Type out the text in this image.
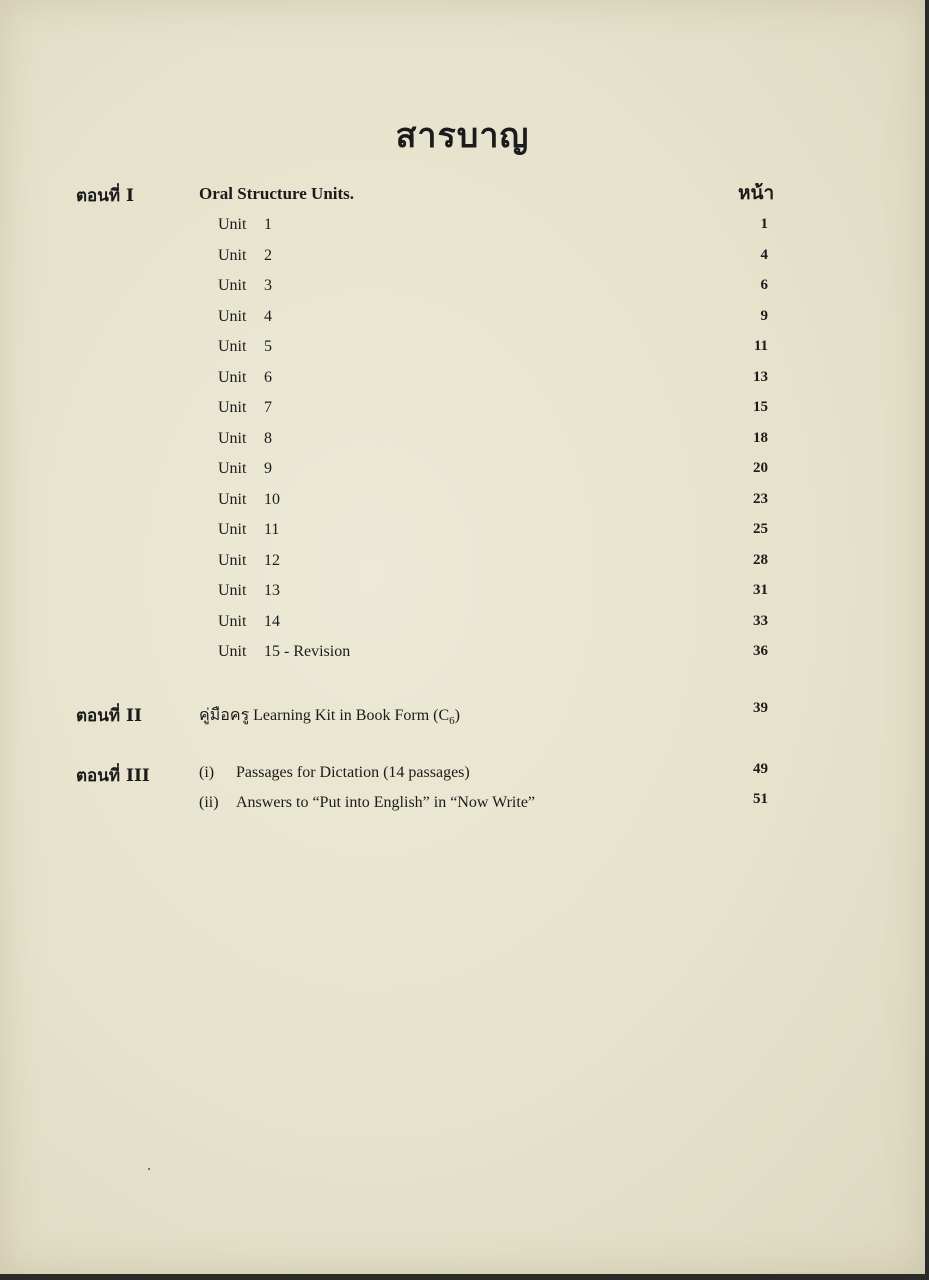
สารบาญ
ตอนที่ I	Oral Structure Units.	หน้า
Unit 1	1
Unit 2	4
Unit 3	6
Unit 4	9
Unit 5	11
Unit 6	13
Unit 7	15
Unit 8	18
Unit 9	20
Unit 10	23
Unit 11	25
Unit 12	28
Unit 13	31
Unit 14	33
Unit 15 - Revision	36
ตอนที่ II	คู่มือครู Learning Kit in Book Form $(C_6)$	39
ตอนที่ III	(i) Passages for Dictation (14 passages)	49
(ii) Answers to “Put into English” in “Now Write”	51
